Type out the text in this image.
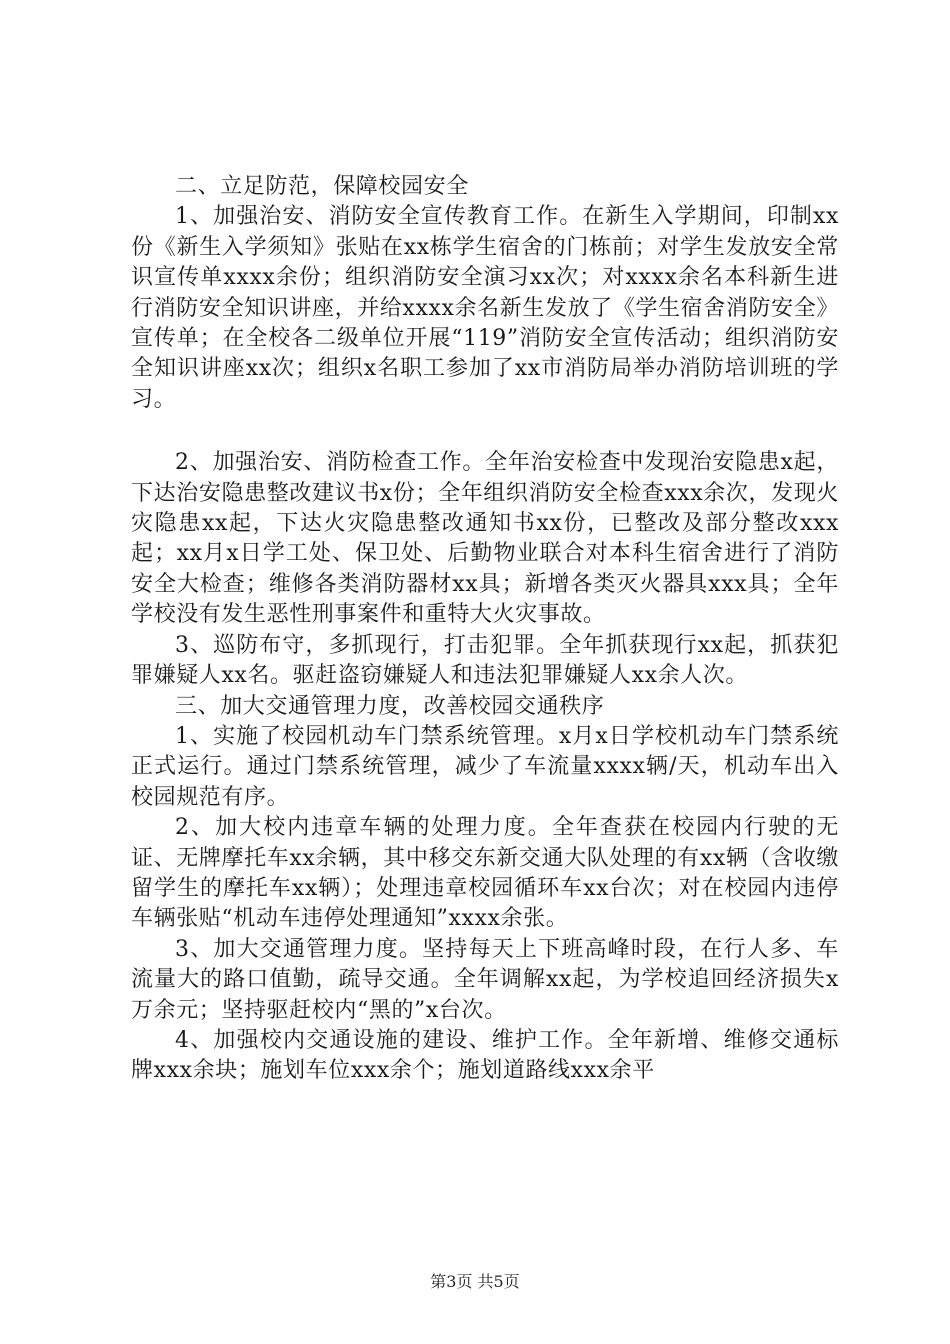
二、立足防范，保障校园安全

1、加强治安、消防安全宣传教育工作。在新生入学期间，印制xx份《新生入学须知》张贴在xx栋学生宿舍的门栋前；对学生发放安全常识宣传单xxxx余份；组织消防安全演习xx次；对xxxx余名本科新生进行消防安全知识讲座，并给xxxx余名新生发放了《学生宿舍消防安全》宣传单；在全校各二级单位开展“119”消防安全宣传活动；组织消防安全知识讲座xx次；组织x名职工参加了xx市消防局举办消防培训班的学习。

2、加强治安、消防检查工作。全年治安检查中发现治安隐患x起，下达治安隐患整改建议书x份；全年组织消防安全检查xxx余次，发现火灾隐患xx起，下达火灾隐患整改通知书xx份，已整改及部分整改xxx起；xx月x日学工处、保卫处、后勤物业联合对本科生宿舍进行了消防安全大检查；维修各类消防器材xx具；新增各类灭火器具xxx具；全年学校没有发生恶性刑事案件和重特大火灾事故。

3、巡防布守，多抓现行，打击犯罪。全年抓获现行xx起，抓获犯罪嫌疑人xx名。驱赶盗窃嫌疑人和违法犯罪嫌疑人xx余人次。

三、加大交通管理力度，改善校园交通秩序

1、实施了校园机动车门禁系统管理。x月x日学校机动车门禁系统正式运行。通过门禁系统管理，减少了车流量xxxx辆/天，机动车出入校园规范有序。

2、加大校内违章车辆的处理力度。全年查获在校园内行驶的无证、无牌摩托车xx余辆，其中移交东新交通大队处理的有xx辆（含收缴留学生的摩托车xx辆）；处理违章校园循环车xx台次；对在校园内违停车辆张贴“机动车违停处理通知”xxxx余张。

3、加大交通管理力度。坚持每天上下班高峰时段，在行人多、车流量大的路口值勤，疏导交通。全年调解xx起，为学校追回经济损失x万余元；坚持驱赶校内“黑的”x台次。

4、加强校内交通设施的建设、维护工作。全年新增、维修交通标牌xxx余块；施划车位xxx余个；施划道路线xxx余平

第3页 共5页
